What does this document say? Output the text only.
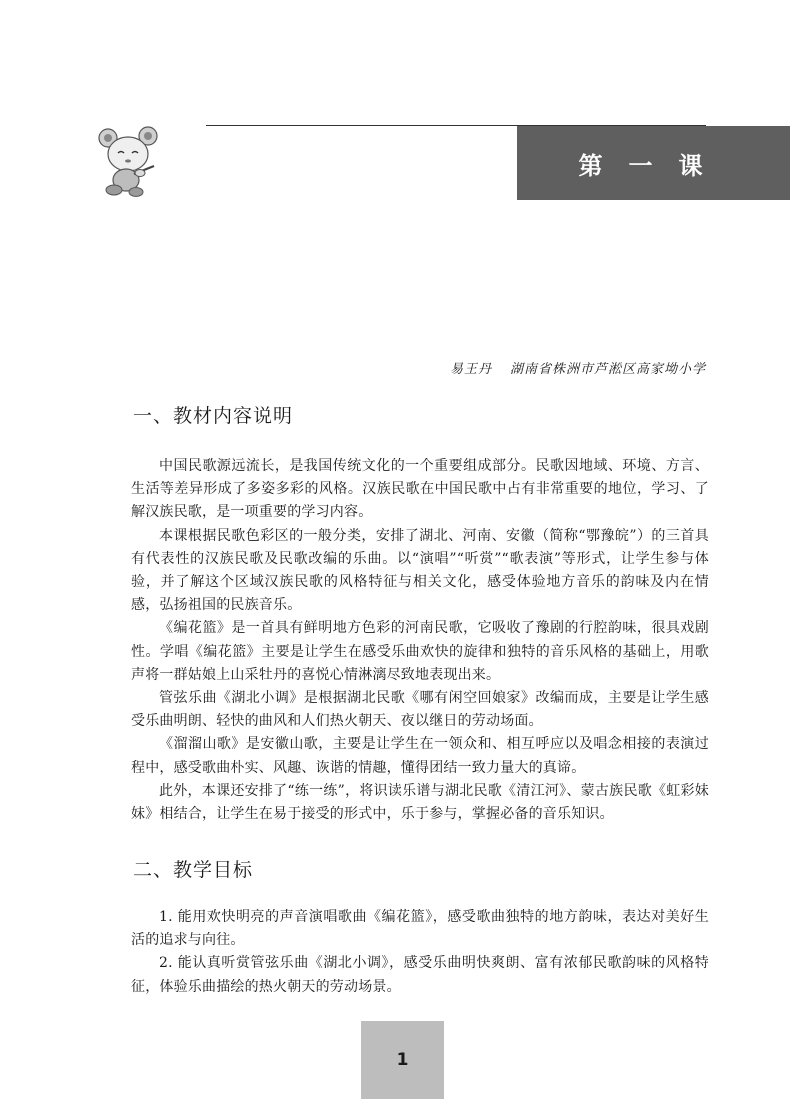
第一课
易王丹 湖南省株洲市芦淞区高家坳小学
一、教材内容说明

中国民歌源远流长，是我国传统文化的一个重要组成部分。民歌因地域、环境、方言、生活等差异形成了多姿多彩的风格。汉族民歌在中国民歌中占有非常重要的地位，学习、了解汉族民歌，是一项重要的学习内容。

本课根据民歌色彩区的一般分类，安排了湖北、河南、安徽（简称“鄂豫皖”）的三首具有代表性的汉族民歌及民歌改编的乐曲。以“演唱”“听赏”“歌表演”等形式，让学生参与体验，并了解这个区域汉族民歌的风格特征与相关文化，感受体验地方音乐的韵味及内在情感，弘扬祖国的民族音乐。

《编花篮》是一首具有鲜明地方色彩的河南民歌，它吸收了豫剧的行腔韵味，很具戏剧性。学唱《编花篮》主要是让学生在感受乐曲欢快的旋律和独特的音乐风格的基础上，用歌声将一群姑娘上山采牡丹的喜悦心情淋漓尽致地表现出来。

管弦乐曲《湖北小调》是根据湖北民歌《哪有闲空回娘家》改编而成，主要是让学生感受乐曲明朗、轻快的曲风和人们热火朝天、夜以继日的劳动场面。

《溜溜山歌》是安徽山歌，主要是让学生在一领众和、相互呼应以及唱念相接的表演过程中，感受歌曲朴实、风趣、诙谐的情趣，懂得团结一致力量大的真谛。

此外，本课还安排了“练一练”，将识读乐谱与湖北民歌《清江河》、蒙古族民歌《虹彩妹妹》相结合，让学生在易于接受的形式中，乐于参与，掌握必备的音乐知识。

二、教学目标

1. 能用欢快明亮的声音演唱歌曲《编花篮》，感受歌曲独特的地方韵味，表达对美好生活的追求与向往。

2. 能认真听赏管弦乐曲《湖北小调》，感受乐曲明快爽朗、富有浓郁民歌韵味的风格特征，体验乐曲描绘的热火朝天的劳动场景。

1
